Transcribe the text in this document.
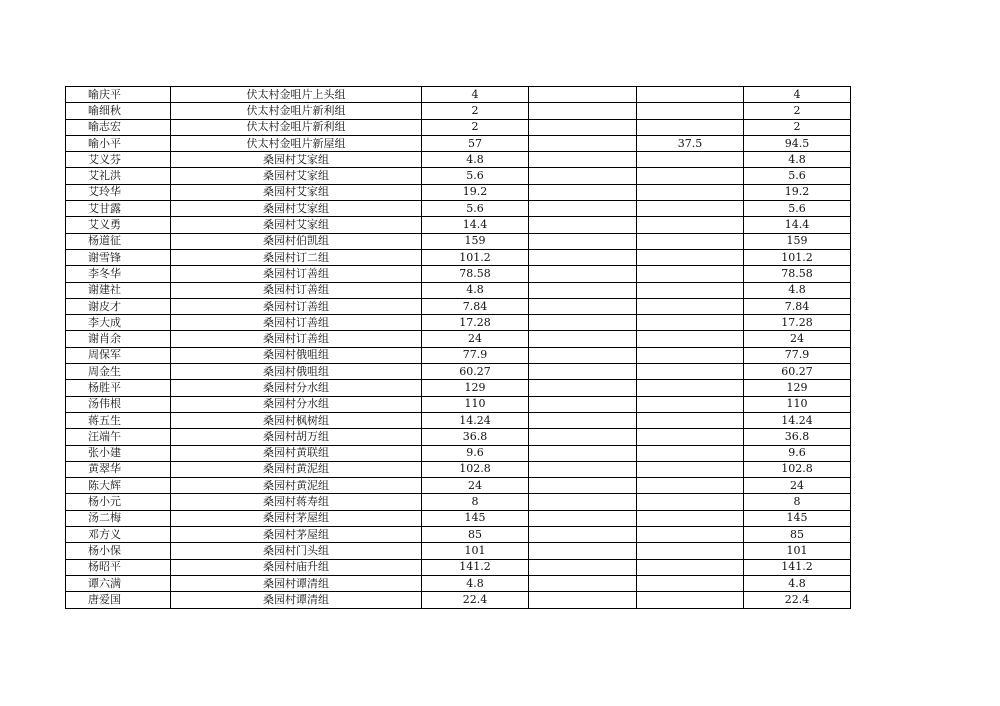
喻庆平	伏太村金咀片上头组	4			4
喻细秋	伏太村金咀片新利组	2			2
喻志宏	伏太村金咀片新利组	2			2
喻小平	伏太村金咀片新屋组	57		37.5	94.5
艾义芬	桑园村艾家组	4.8			4.8
艾礼洪	桑园村艾家组	5.6			5.6
艾玲华	桑园村艾家组	19.2			19.2
艾甘露	桑园村艾家组	5.6			5.6
艾义勇	桑园村艾家组	14.4			14.4
杨道征	桑园村伯凯组	159			159
谢雪锋	桑园村订二组	101.2			101.2
李冬华	桑园村订善组	78.58			78.58
谢建社	桑园村订善组	4.8			4.8
谢皮才	桑园村订善组	7.84			7.84
李大成	桑园村订善组	17.28			17.28
谢肖余	桑园村订善组	24			24
周保军	桑园村俄咀组	77.9			77.9
周金生	桑园村俄咀组	60.27			60.27
杨胜平	桑园村分水组	129			129
汤伟根	桑园村分水组	110			110
蒋五生	桑园村枫树组	14.24			14.24
汪端午	桑园村胡万组	36.8			36.8
张小建	桑园村黄联组	9.6			9.6
黄翠华	桑园村黄泥组	102.8			102.8
陈大辉	桑园村黄泥组	24			24
杨小元	桑园村蒋寿组	8			8
汤二梅	桑园村茅屋组	145			145
邓方义	桑园村茅屋组	85			85
杨小保	桑园村门头组	101			101
杨昭平	桑园村庙升组	141.2			141.2
谭六满	桑园村谭清组	4.8			4.8
唐爱国	桑园村谭清组	22.4			22.4
